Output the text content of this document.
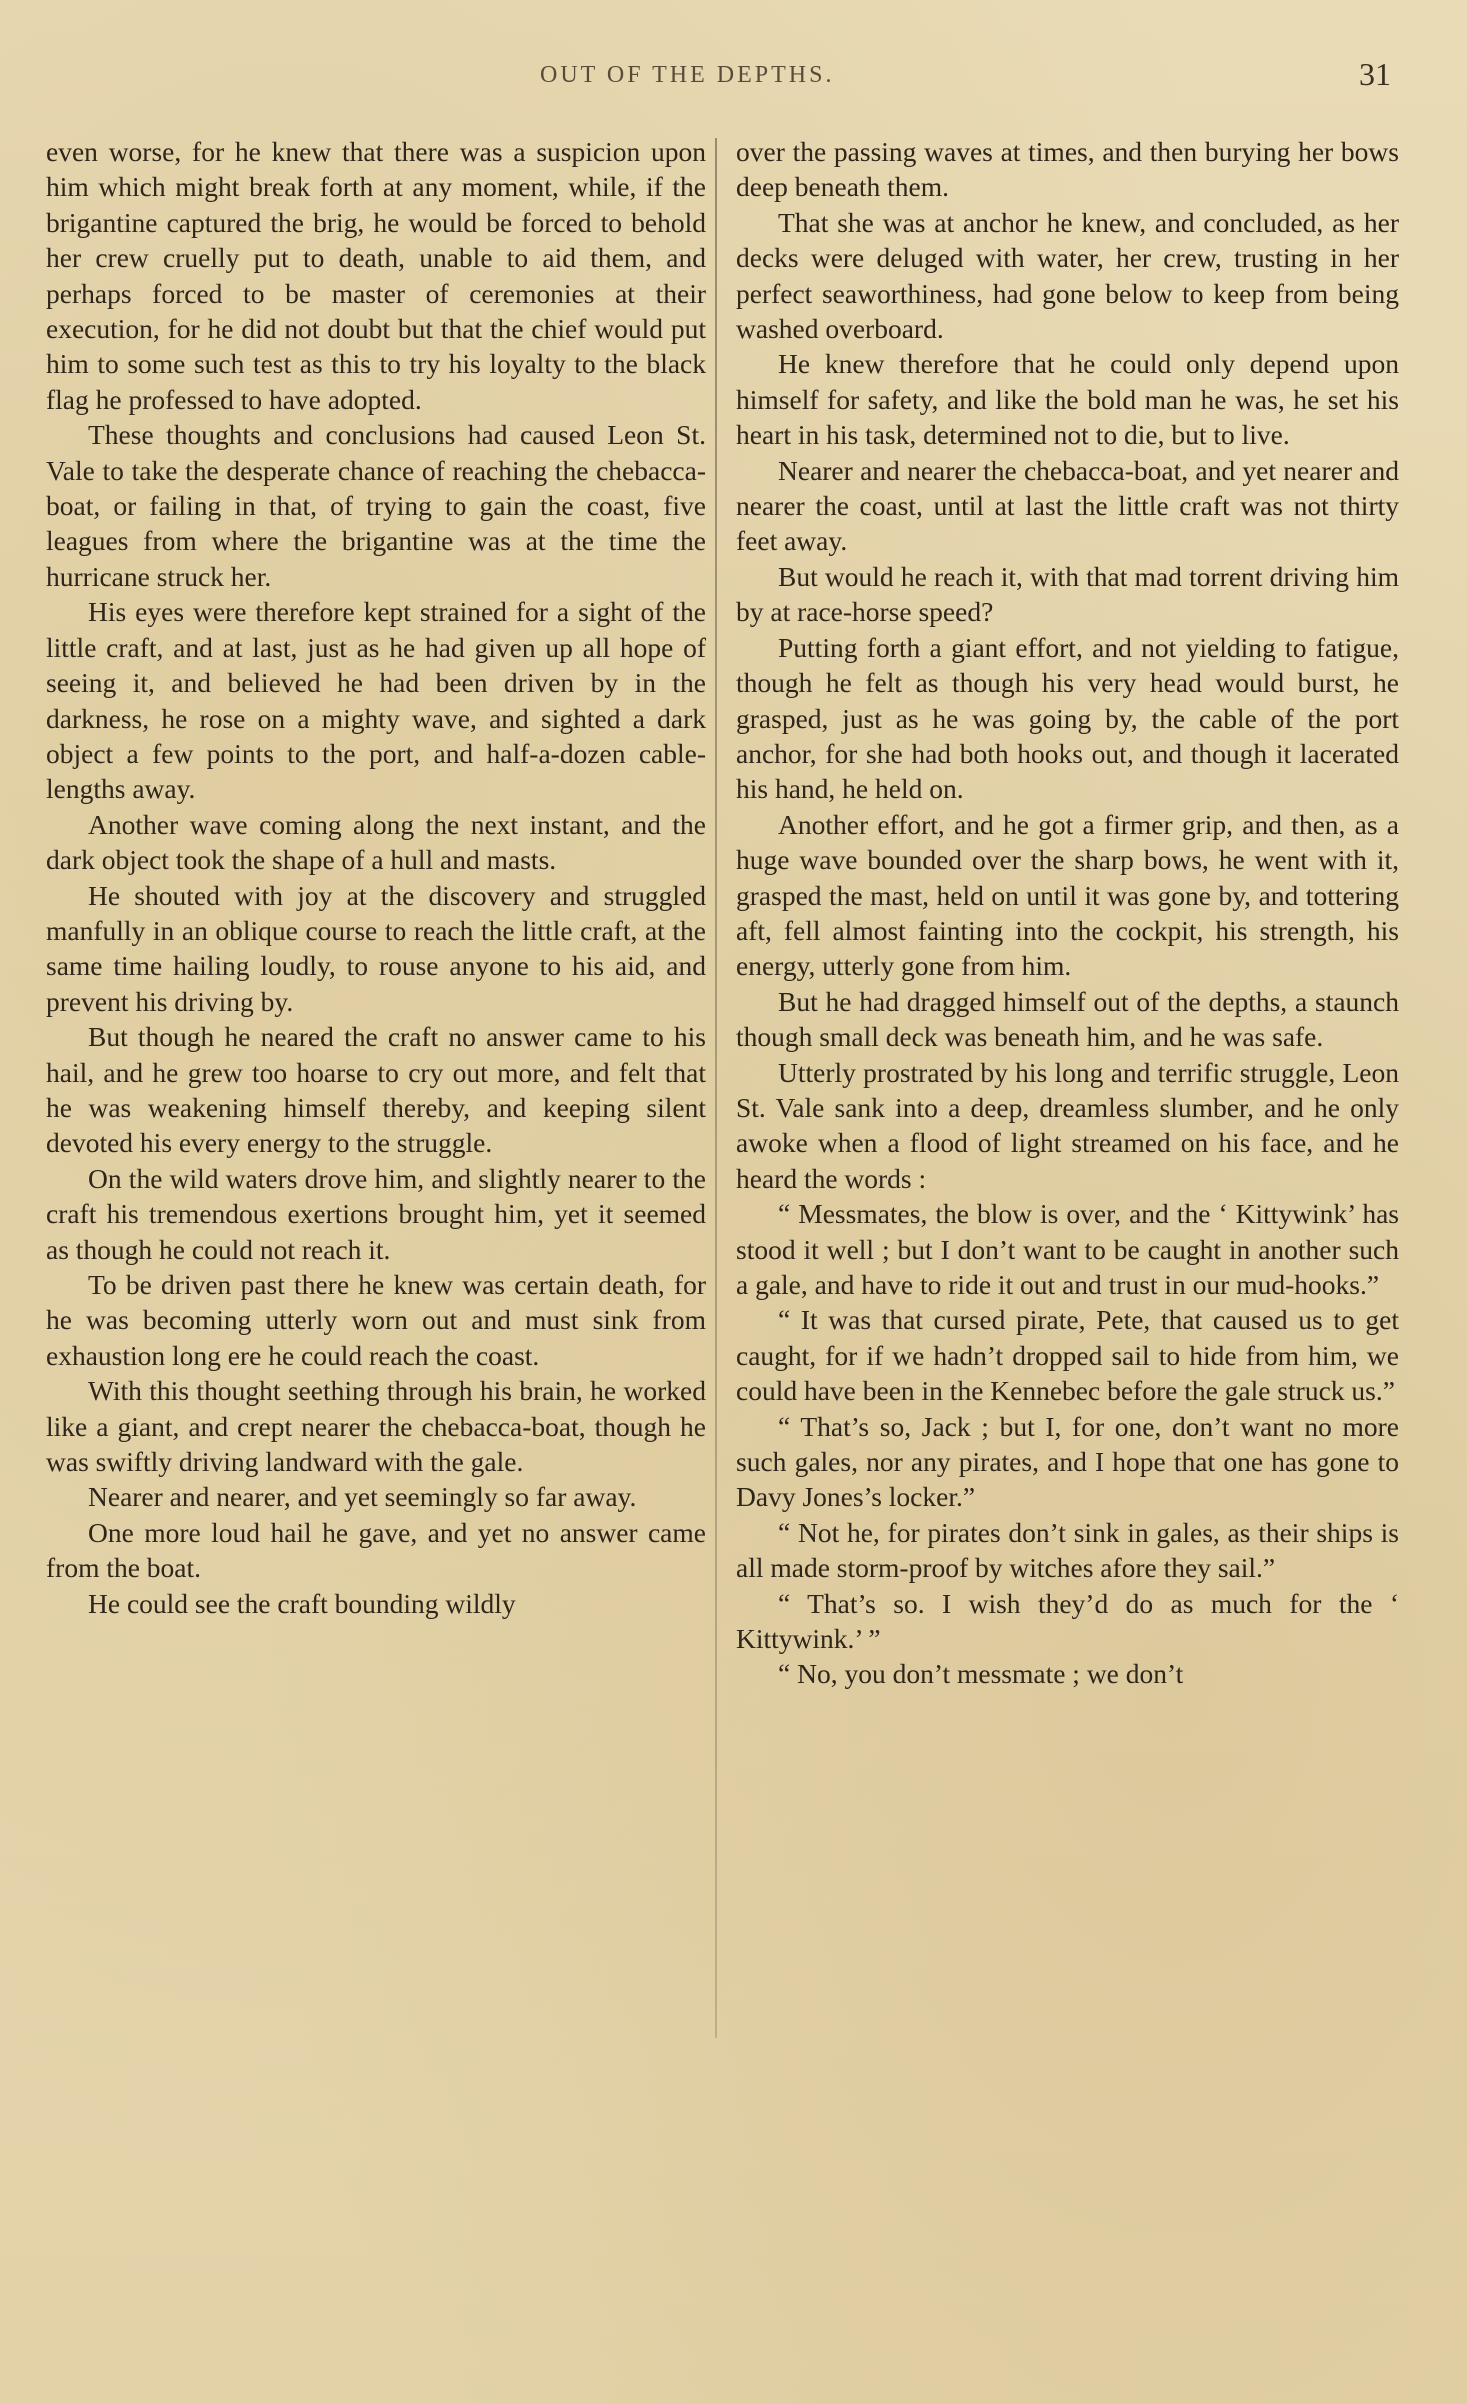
OUT OF THE DEPTHS.	31

even worse, for he knew that there was a suspicion upon him which might break forth at any moment, while, if the brigantine captured the brig, he would be forced to behold her crew cruelly put to death, unable to aid them, and perhaps forced to be master of ceremonies at their execution, for he did not doubt but that the chief would put him to some such test as this to try his loyalty to the black flag he professed to have adopted.

These thoughts and conclusions had caused Leon St. Vale to take the desperate chance of reaching the chebacca-boat, or failing in that, of trying to gain the coast, five leagues from where the brigantine was at the time the hurricane struck her.

His eyes were therefore kept strained for a sight of the little craft, and at last, just as he had given up all hope of seeing it, and believed he had been driven by in the darkness, he rose on a mighty wave, and sighted a dark object a few points to the port, and half-a-dozen cable-lengths away.

Another wave coming along the next instant, and the dark object took the shape of a hull and masts.

He shouted with joy at the discovery and struggled manfully in an oblique course to reach the little craft, at the same time hailing loudly, to rouse anyone to his aid, and prevent his driving by.

But though he neared the craft no answer came to his hail, and he grew too hoarse to cry out more, and felt that he was weakening himself thereby, and keeping silent devoted his every energy to the struggle.

On the wild waters drove him, and slightly nearer to the craft his tremendous exertions brought him, yet it seemed as though he could not reach it.

To be driven past there he knew was certain death, for he was becoming utterly worn out and must sink from exhaustion long ere he could reach the coast.

With this thought seething through his brain, he worked like a giant, and crept nearer the chebacca-boat, though he was swiftly driving landward with the gale.

Nearer and nearer, and yet seemingly so far away.

One more loud hail he gave, and yet no answer came from the boat.

He could see the craft bounding wildly

over the passing waves at times, and then burying her bows deep beneath them.

That she was at anchor he knew, and concluded, as her decks were deluged with water, her crew, trusting in her perfect seaworthiness, had gone below to keep from being washed overboard.

He knew therefore that he could only depend upon himself for safety, and like the bold man he was, he set his heart in his task, determined not to die, but to live.

Nearer and nearer the chebacca-boat, and yet nearer and nearer the coast, until at last the little craft was not thirty feet away.

But would he reach it, with that mad torrent driving him by at race-horse speed?

Putting forth a giant effort, and not yielding to fatigue, though he felt as though his very head would burst, he grasped, just as he was going by, the cable of the port anchor, for she had both hooks out, and though it lacerated his hand, he held on.

Another effort, and he got a firmer grip, and then, as a huge wave bounded over the sharp bows, he went with it, grasped the mast, held on until it was gone by, and tottering aft, fell almost fainting into the cockpit, his strength, his energy, utterly gone from him.

But he had dragged himself out of the depths, a staunch though small deck was beneath him, and he was safe.

Utterly prostrated by his long and terrific struggle, Leon St. Vale sank into a deep, dreamless slumber, and he only awoke when a flood of light streamed on his face, and he heard the words :

“ Messmates, the blow is over, and the ‘ Kittywink’ has stood it well ; but I don’t want to be caught in another such a gale, and have to ride it out and trust in our mud-hooks.”

“ It was that cursed pirate, Pete, that caused us to get caught, for if we hadn’t dropped sail to hide from him, we could have been in the Kennebec before the gale struck us.”

“ That’s so, Jack ; but I, for one, don’t want no more such gales, nor any pirates, and I hope that one has gone to Davy Jones’s locker.”

“ Not he, for pirates don’t sink in gales, as their ships is all made storm-proof by witches afore they sail.”

“ That’s so. I wish they’d do as much for the ‘ Kittywink.’ ”

“ No, you don’t messmate ; we don’t
